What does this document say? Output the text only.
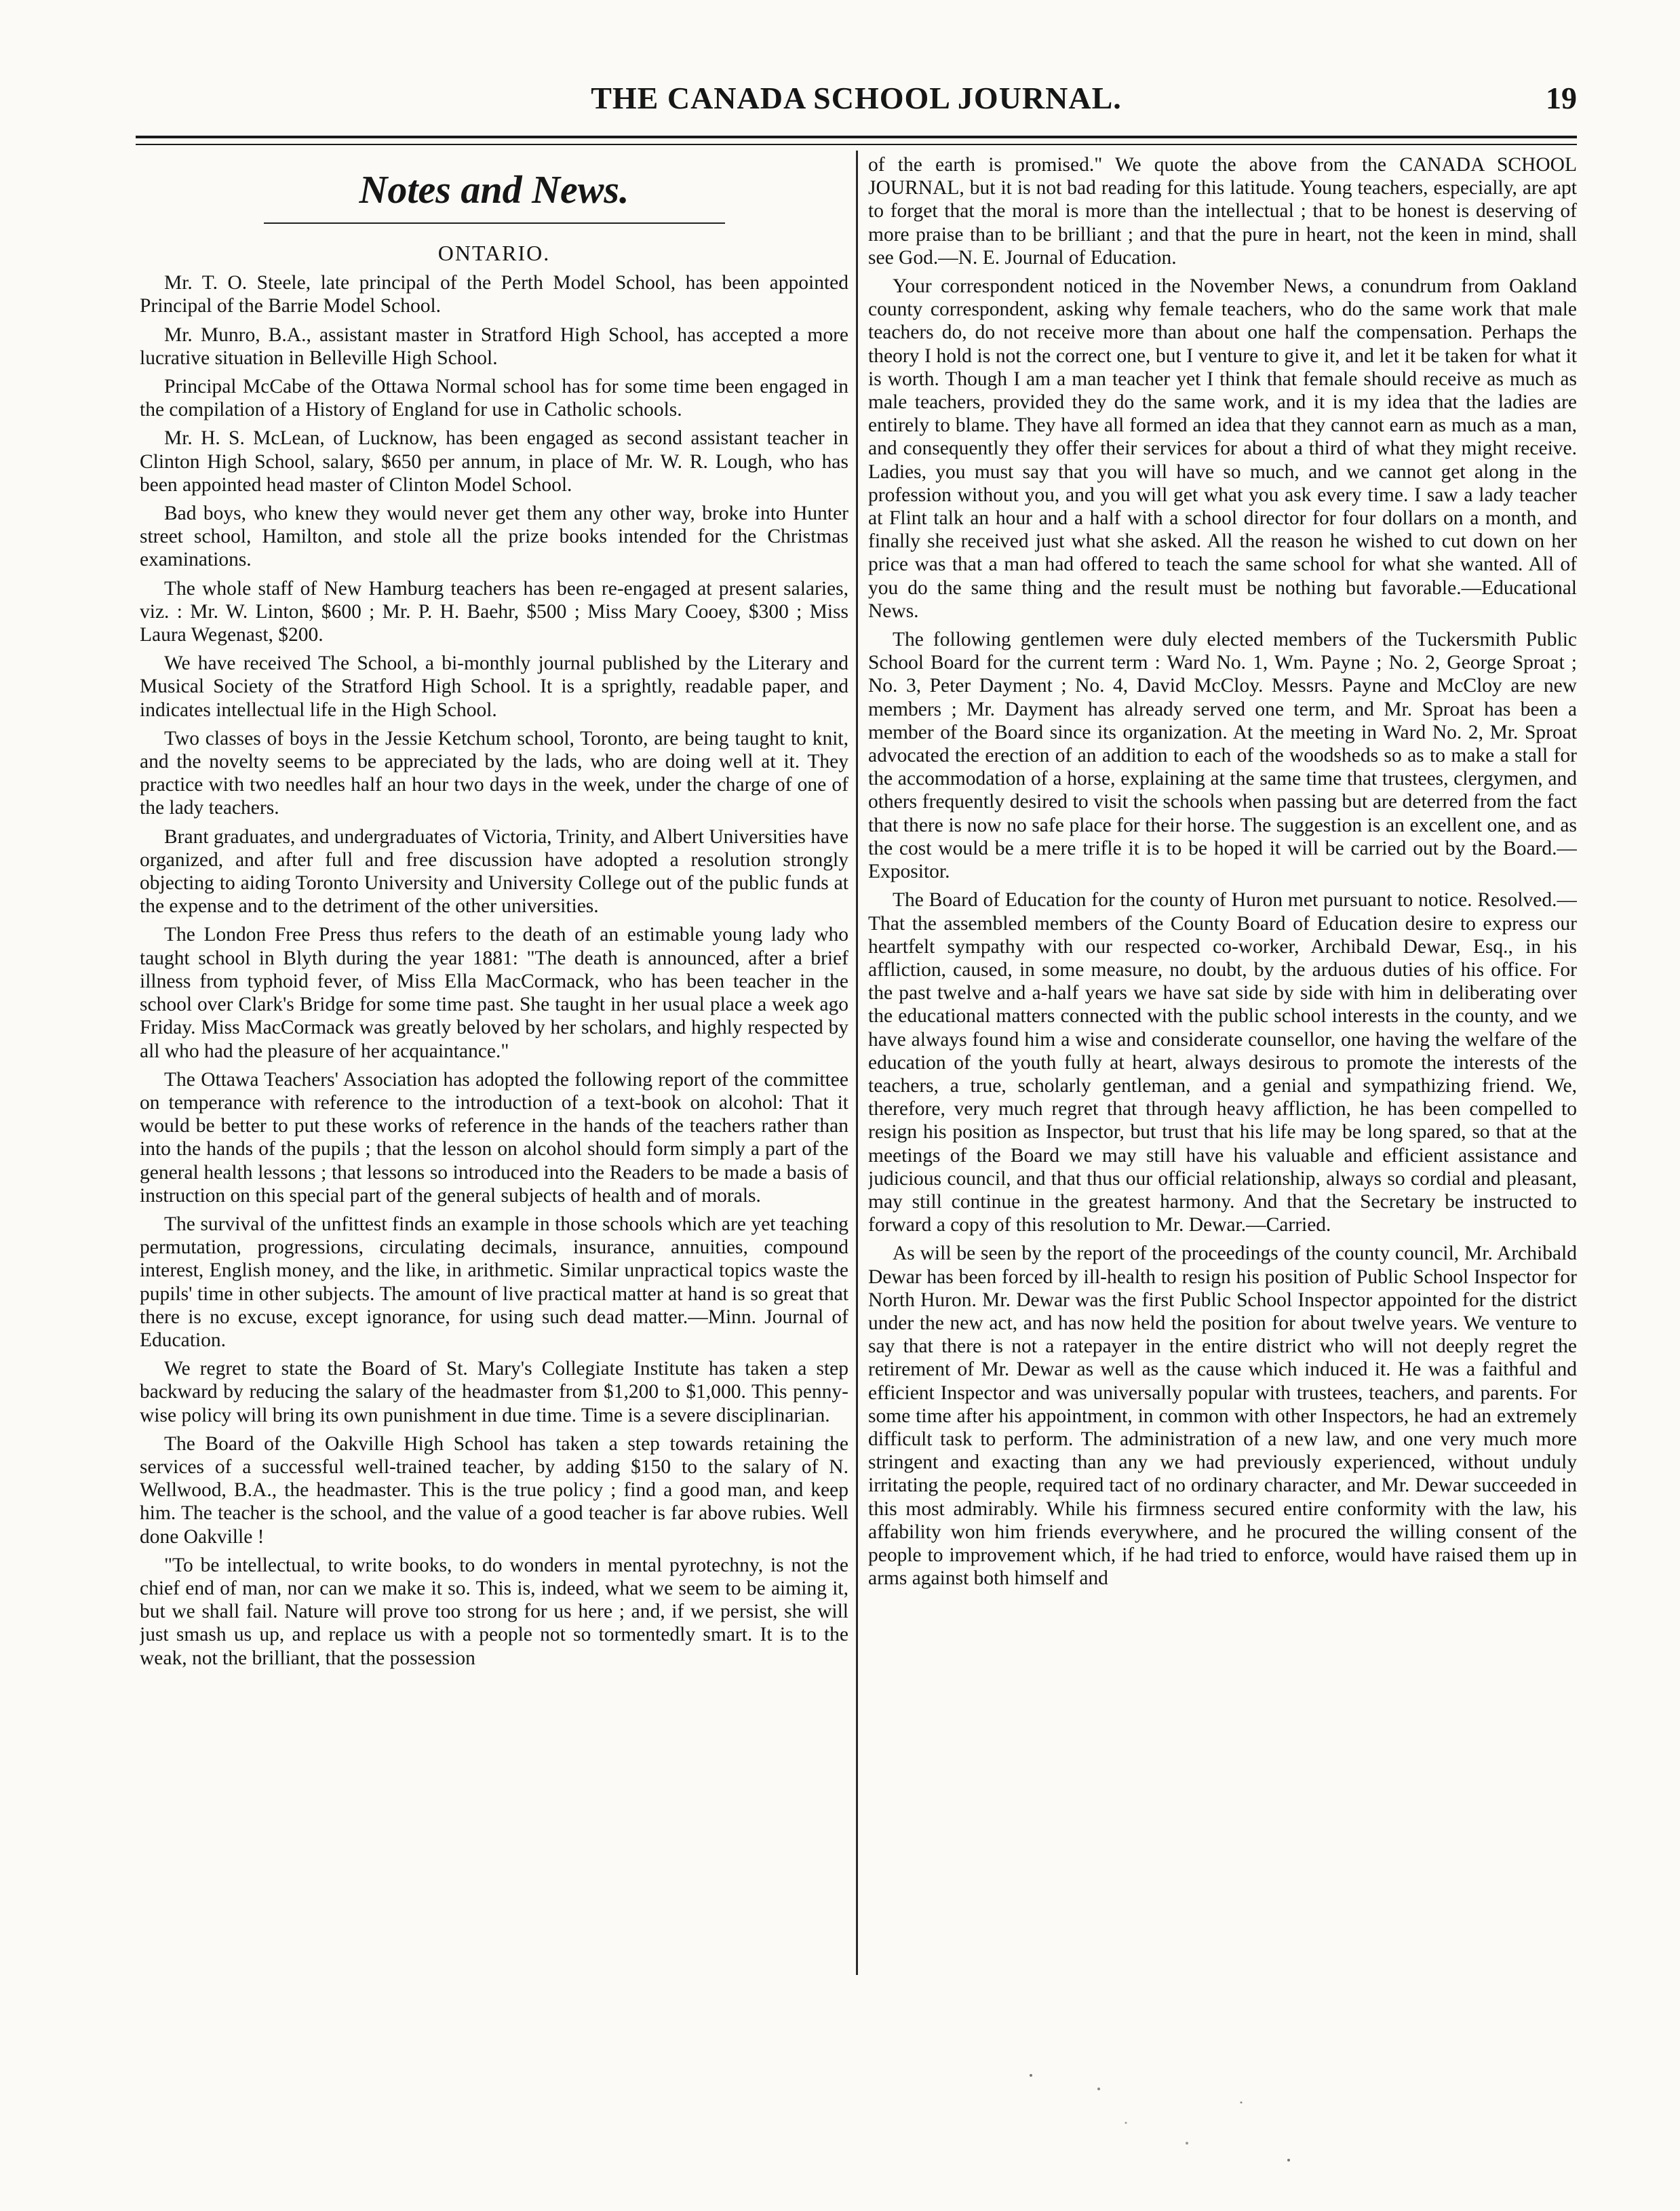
THE CANADA SCHOOL JOURNAL.	19
Notes and News.
ONTARIO.

Mr. T. O. Steele, late principal of the Perth Model School, has been appointed Principal of the Barrie Model School.

Mr. Munro, B.A., assistant master in Stratford High School, has accepted a more lucrative situation in Belleville High School.

Principal McCabe of the Ottawa Normal school has for some time been engaged in the compilation of a History of England for use in Catholic schools.

Mr. H. S. McLean, of Lucknow, has been engaged as second assistant teacher in Clinton High School, salary, $650 per annum, in place of Mr. W. R. Lough, who has been appointed head master of Clinton Model School.

Bad boys, who knew they would never get them any other way, broke into Hunter street school, Hamilton, and stole all the prize books intended for the Christmas examinations.

The whole staff of New Hamburg teachers has been re-engaged at present salaries, viz. : Mr. W. Linton, $600 ; Mr. P. H. Baehr, $500 ; Miss Mary Cooey, $300 ; Miss Laura Wegenast, $200.

We have received The School, a bi-monthly journal published by the Literary and Musical Society of the Stratford High School. It is a sprightly, readable paper, and indicates intellectual life in the High School.

Two classes of boys in the Jessie Ketchum school, Toronto, are being taught to knit, and the novelty seems to be appreciated by the lads, who are doing well at it. They practice with two needles half an hour two days in the week, under the charge of one of the lady teachers.

Brant graduates, and undergraduates of Victoria, Trinity, and Albert Universities have organized, and after full and free discussion have adopted a resolution strongly objecting to aiding Toronto University and University College out of the public funds at the expense and to the detriment of the other universities.

The London Free Press thus refers to the death of an estimable young lady who taught school in Blyth during the year 1881: "The death is announced, after a brief illness from typhoid fever, of Miss Ella MacCormack, who has been teacher in the school over Clark's Bridge for some time past. She taught in her usual place a week ago Friday. Miss MacCormack was greatly beloved by her scholars, and highly respected by all who had the pleasure of her acquaintance."

The Ottawa Teachers' Association has adopted the following report of the committee on temperance with reference to the introduction of a text-book on alcohol: That it would be better to put these works of reference in the hands of the teachers rather than into the hands of the pupils ; that the lesson on alcohol should form simply a part of the general health lessons ; that lessons so introduced into the Readers to be made a basis of instruction on this special part of the general subjects of health and of morals.

The survival of the unfittest finds an example in those schools which are yet teaching permutation, progressions, circulating decimals, insurance, annuities, compound interest, English money, and the like, in arithmetic. Similar unpractical topics waste the pupils' time in other subjects. The amount of live practical matter at hand is so great that there is no excuse, except ignorance, for using such dead matter.—Minn. Journal of Education.

We regret to state the Board of St. Mary's Collegiate Institute has taken a step backward by reducing the salary of the headmaster from $1,200 to $1,000. This penny-wise policy will bring its own punishment in due time. Time is a severe disciplinarian.

The Board of the Oakville High School has taken a step towards retaining the services of a successful well-trained teacher, by adding $150 to the salary of N. Wellwood, B.A., the headmaster. This is the true policy ; find a good man, and keep him. The teacher is the school, and the value of a good teacher is far above rubies. Well done Oakville !

"To be intellectual, to write books, to do wonders in mental pyrotechny, is not the chief end of man, nor can we make it so. This is, indeed, what we seem to be aiming it, but we shall fail. Nature will prove too strong for us here ; and, if we persist, she will just smash us up, and replace us with a people not so tormentedly smart. It is to the weak, not the brilliant, that the possession

of the earth is promised." We quote the above from the CANADA SCHOOL JOURNAL, but it is not bad reading for this latitude. Young teachers, especially, are apt to forget that the moral is more than the intellectual ; that to be honest is deserving of more praise than to be brilliant ; and that the pure in heart, not the keen in mind, shall see God.—N. E. Journal of Education.

Your correspondent noticed in the November News, a conundrum from Oakland county correspondent, asking why female teachers, who do the same work that male teachers do, do not receive more than about one half the compensation. Perhaps the theory I hold is not the correct one, but I venture to give it, and let it be taken for what it is worth. Though I am a man teacher yet I think that female should receive as much as male teachers, provided they do the same work, and it is my idea that the ladies are entirely to blame. They have all formed an idea that they cannot earn as much as a man, and consequently they offer their services for about a third of what they might receive. Ladies, you must say that you will have so much, and we cannot get along in the profession without you, and you will get what you ask every time. I saw a lady teacher at Flint talk an hour and a half with a school director for four dollars on a month, and finally she received just what she asked. All the reason he wished to cut down on her price was that a man had offered to teach the same school for what she wanted. All of you do the same thing and the result must be nothing but favorable.—Educational News.

The following gentlemen were duly elected members of the Tuckersmith Public School Board for the current term : Ward No. 1, Wm. Payne ; No. 2, George Sproat ; No. 3, Peter Dayment ; No. 4, David McCloy. Messrs. Payne and McCloy are new members ; Mr. Dayment has already served one term, and Mr. Sproat has been a member of the Board since its organization. At the meeting in Ward No. 2, Mr. Sproat advocated the erection of an addition to each of the woodsheds so as to make a stall for the accommodation of a horse, explaining at the same time that trustees, clergymen, and others frequently desired to visit the schools when passing but are deterred from the fact that there is now no safe place for their horse. The suggestion is an excellent one, and as the cost would be a mere trifle it is to be hoped it will be carried out by the Board.—Expositor.

The Board of Education for the county of Huron met pursuant to notice. Resolved.—That the assembled members of the County Board of Education desire to express our heartfelt sympathy with our respected co-worker, Archibald Dewar, Esq., in his affliction, caused, in some measure, no doubt, by the arduous duties of his office. For the past twelve and a-half years we have sat side by side with him in deliberating over the educational matters connected with the public school interests in the county, and we have always found him a wise and considerate counsellor, one having the welfare of the education of the youth fully at heart, always desirous to promote the interests of the teachers, a true, scholarly gentleman, and a genial and sympathizing friend. We, therefore, very much regret that through heavy affliction, he has been compelled to resign his position as Inspector, but trust that his life may be long spared, so that at the meetings of the Board we may still have his valuable and efficient assistance and judicious council, and that thus our official relationship, always so cordial and pleasant, may still continue in the greatest harmony. And that the Secretary be instructed to forward a copy of this resolution to Mr. Dewar.—Carried.

As will be seen by the report of the proceedings of the county council, Mr. Archibald Dewar has been forced by ill-health to resign his position of Public School Inspector for North Huron. Mr. Dewar was the first Public School Inspector appointed for the district under the new act, and has now held the position for about twelve years. We venture to say that there is not a ratepayer in the entire district who will not deeply regret the retirement of Mr. Dewar as well as the cause which induced it. He was a faithful and efficient Inspector and was universally popular with trustees, teachers, and parents. For some time after his appointment, in common with other Inspectors, he had an extremely difficult task to perform. The administration of a new law, and one very much more stringent and exacting than any we had previously experienced, without unduly irritating the people, required tact of no ordinary character, and Mr. Dewar succeeded in this most admirably. While his firmness secured entire conformity with the law, his affability won him friends everywhere, and he procured the willing consent of the people to improvement which, if he had tried to enforce, would have raised them up in arms against both himself and
